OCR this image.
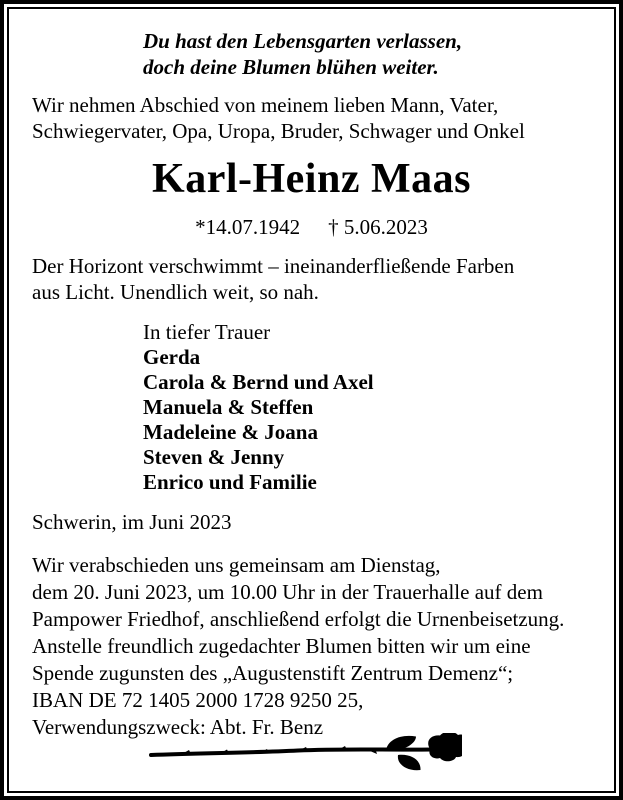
Du hast den Lebensgarten verlassen,
doch deine Blumen blühen weiter.
Wir nehmen Abschied von meinem lieben Mann, Vater,
Schwiegervater, Opa, Uropa, Bruder, Schwager und Onkel
Karl-Heinz Maas
*14.07.1942 † 5.06.2023
Der Horizont verschwimmt – ineinanderfließende Farben
aus Licht. Unendlich weit, so nah.
In tiefer Trauer
Gerda
Carola & Bernd und Axel
Manuela & Steffen
Madeleine & Joana
Steven & Jenny
Enrico und Familie
Schwerin, im Juni 2023
Wir verabschieden uns gemeinsam am Dienstag,
dem 20. Juni 2023, um 10.00 Uhr in der Trauerhalle auf dem
Pampower Friedhof, anschließend erfolgt die Urnenbeisetzung.
Anstelle freundlich zugedachter Blumen bitten wir um eine
Spende zugunsten des „Augustenstift Zentrum Demenz“;
IBAN DE 72 1405 2000 1728 9250 25,
Verwendungszweck: Abt. Fr. Benz
